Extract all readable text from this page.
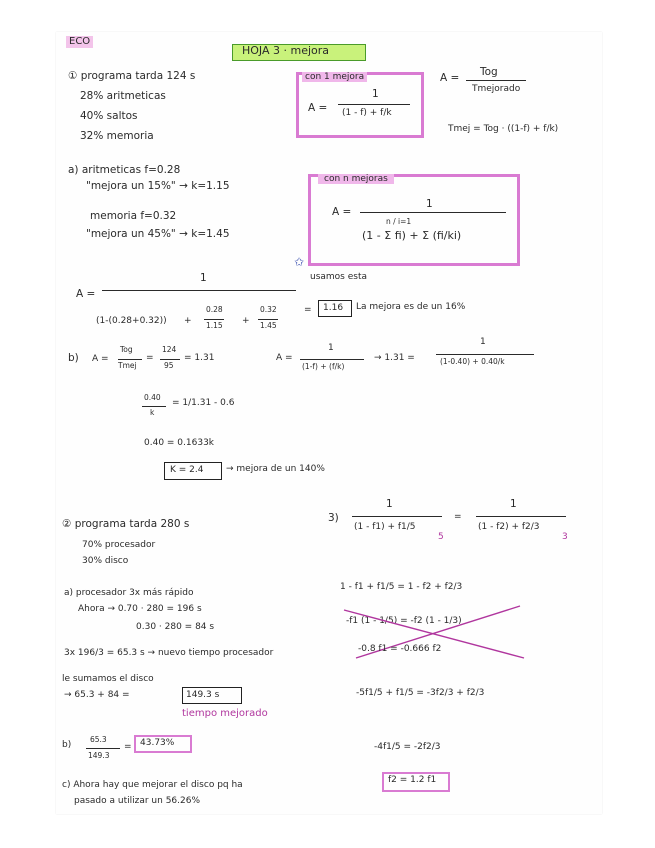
ECO
HOJA 3 · mejora
① programa tarda 124 s
28% aritmeticas
40% saltos
32% memoria
con 1 mejora
A =
1
(1 - f) + f/k
A = Tog
Tmejorado
Tmej = Tog · ((1-f) + f/k)
a) aritmeticas f=0.28
"mejora un 15%" → k=1.15
memoria f=0.32
"mejora un 45%" → k=1.45
con n mejoras
A =
1
(1 - Σ fi) + Σ (fi/ki)
n / i=1
✩
usamos esta
A =
1
(1-(0.28+0.32)) +
0.28
1.15 +
0.32
1.45
= 1.16 La mejora es de un 16%
b) A =
Tog
Tmej
=
124
95
= 1.31	A =
1
(1-f) + (f/k)
→ 1.31 =
1
(1-0.40) + 0.40/k
0.40
k
= 1/1.31 - 0.6
0.40 = 0.1633k
K = 2.4	→ mejora de un 140%
② programa tarda 280 s
70% procesador
30% disco
a) procesador 3x más rápido
Ahora → 0.70 · 280 = 196 s
0.30 · 280 = 84 s
3x 196/3 = 65.3 s → nuevo tiempo procesador
le sumamos el disco
→ 65.3 + 84 =	149.3 s
tiempo mejorado
b)
65.3
149.3
= 43.73%
c) Ahora hay que mejorar el disco pq ha
pasado a utilizar un 56.26%
3)
1
(1 - f1) + f1/5
5
=
1
(1 - f2) + f2/3
3
1 - f1 + f1/5 = 1 - f2 + f2/3
-f1 (1 - 1/5) = -f2 (1 - 1/3)
-0.8 f1 = -0.666 f2
-5f1/5 + f1/5 = -3f2/3 + f2/3
-4f1/5 = -2f2/3
f2 = 1.2 f1
